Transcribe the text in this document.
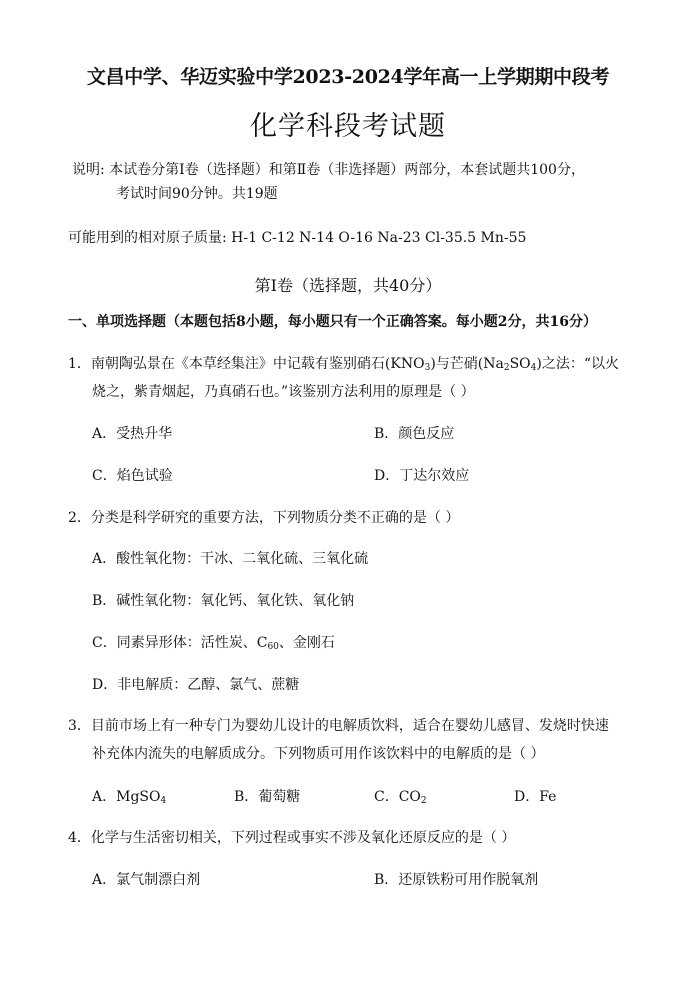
文昌中学、华迈实验中学2023-2024学年高一上学期期中段考
化学科段考试题
说明: 本试卷分第Ⅰ卷（选择题）和第Ⅱ卷（非选择题）两部分，本套试题共100分，
考试时间90分钟。共19题
可能用到的相对原子质量: H-1 C-12 N-14 O-16 Na-23 Cl-35.5 Mn-55
第Ⅰ卷（选择题，共40分）
一、单项选择题（本题包括8小题，每小题只有一个正确答案。每小题2分，共16分）
1．南朝陶弘景在《本草经集注》中记载有鉴别硝石$(KNO_3)$与芒硝$(Na_2SO_4)$之法：“以火
烧之，紫青烟起，乃真硝石也。”该鉴别方法利用的原理是（ ）
A．受热升华	B．颜色反应
C．焰色试验	D．丁达尔效应
2．分类是科学研究的重要方法，下列物质分类不正确的是（ ）
A．酸性氧化物：干冰、二氧化硫、三氧化硫
B．碱性氧化物：氧化钙、氧化铁、氧化钠
C．同素异形体：活性炭、$C_{60}$、金刚石
D．非电解质：乙醇、氯气、蔗糖
3．目前市场上有一种专门为婴幼儿设计的电解质饮料，适合在婴幼儿感冒、发烧时快速
补充体内流失的电解质成分。下列物质可用作该饮料中的电解质的是（ ）
A．MgSO$_4$	B．葡萄糖	C．$CO_2$	D．Fe
4．化学与生活密切相关，下列过程或事实不涉及氧化还原反应的是（ ）
A．氯气制漂白剂	B．还原铁粉可用作脱氧剂
